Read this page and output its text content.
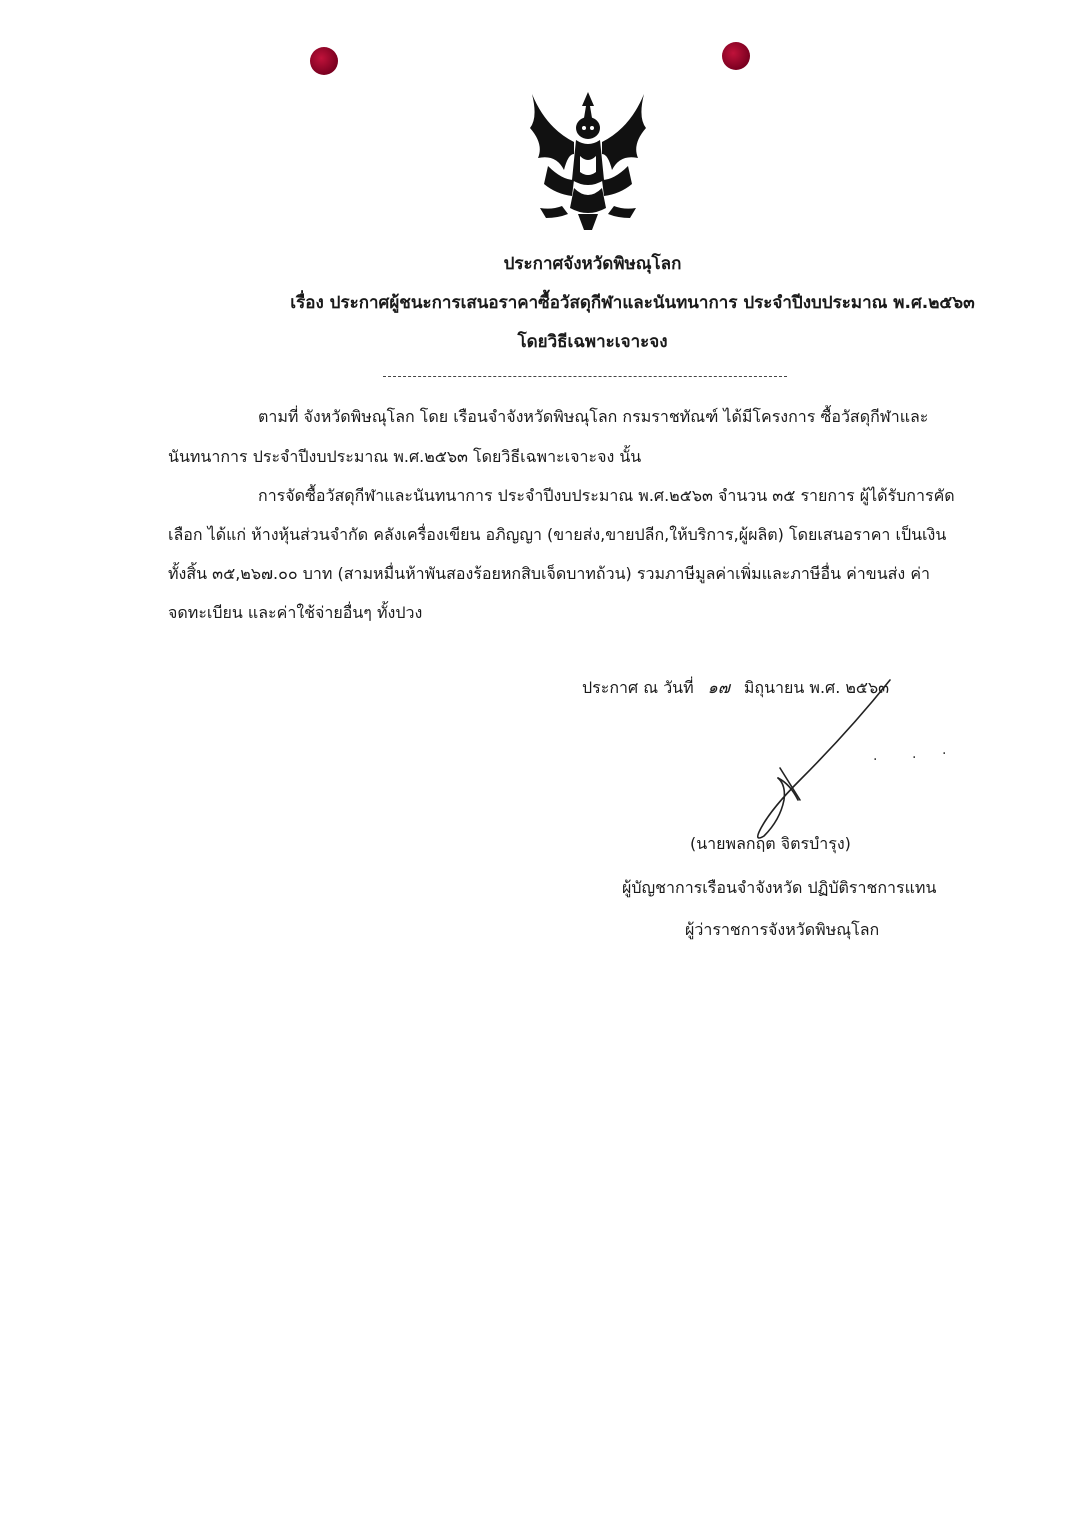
ประกาศจังหวัดพิษณุโลก
เรื่อง ประกาศผู้ชนะการเสนอราคาซื้อวัสดุกีฬาและนันทนาการ ประจำปีงบประมาณ พ.ศ.๒๕๖๓
โดยวิธีเฉพาะเจาะจง
ตามที่ จังหวัดพิษณุโลก โดย เรือนจำจังหวัดพิษณุโลก กรมราชทัณฑ์ ได้มีโครงการ ซื้อวัสดุกีฬาและ
นันทนาการ ประจำปีงบประมาณ พ.ศ.๒๕๖๓ โดยวิธีเฉพาะเจาะจง นั้น
การจัดซื้อวัสดุกีฬาและนันทนาการ ประจำปีงบประมาณ พ.ศ.๒๕๖๓ จำนวน ๓๕ รายการ ผู้ได้รับการคัด
เลือก ได้แก่ ห้างหุ้นส่วนจำกัด คลังเครื่องเขียน อภิญญา (ขายส่ง,ขายปลีก,ให้บริการ,ผู้ผลิต) โดยเสนอราคา เป็นเงิน
ทั้งสิ้น ๓๕,๒๖๗.๐๐ บาท (สามหมื่นห้าพันสองร้อยหกสิบเจ็ดบาทถ้วน) รวมภาษีมูลค่าเพิ่มและภาษีอื่น ค่าขนส่ง ค่า
จดทะเบียน และค่าใช้จ่ายอื่นๆ ทั้งปวง
ประกาศ ณ วันที่ ๑๗ มิถุนายน พ.ศ. ๒๕๖๓
(นายพลกฤต จิตรบำรุง)
ผู้บัญชาการเรือนจำจังหวัด ปฏิบัติราชการแทน
ผู้ว่าราชการจังหวัดพิษณุโลก
. . .
